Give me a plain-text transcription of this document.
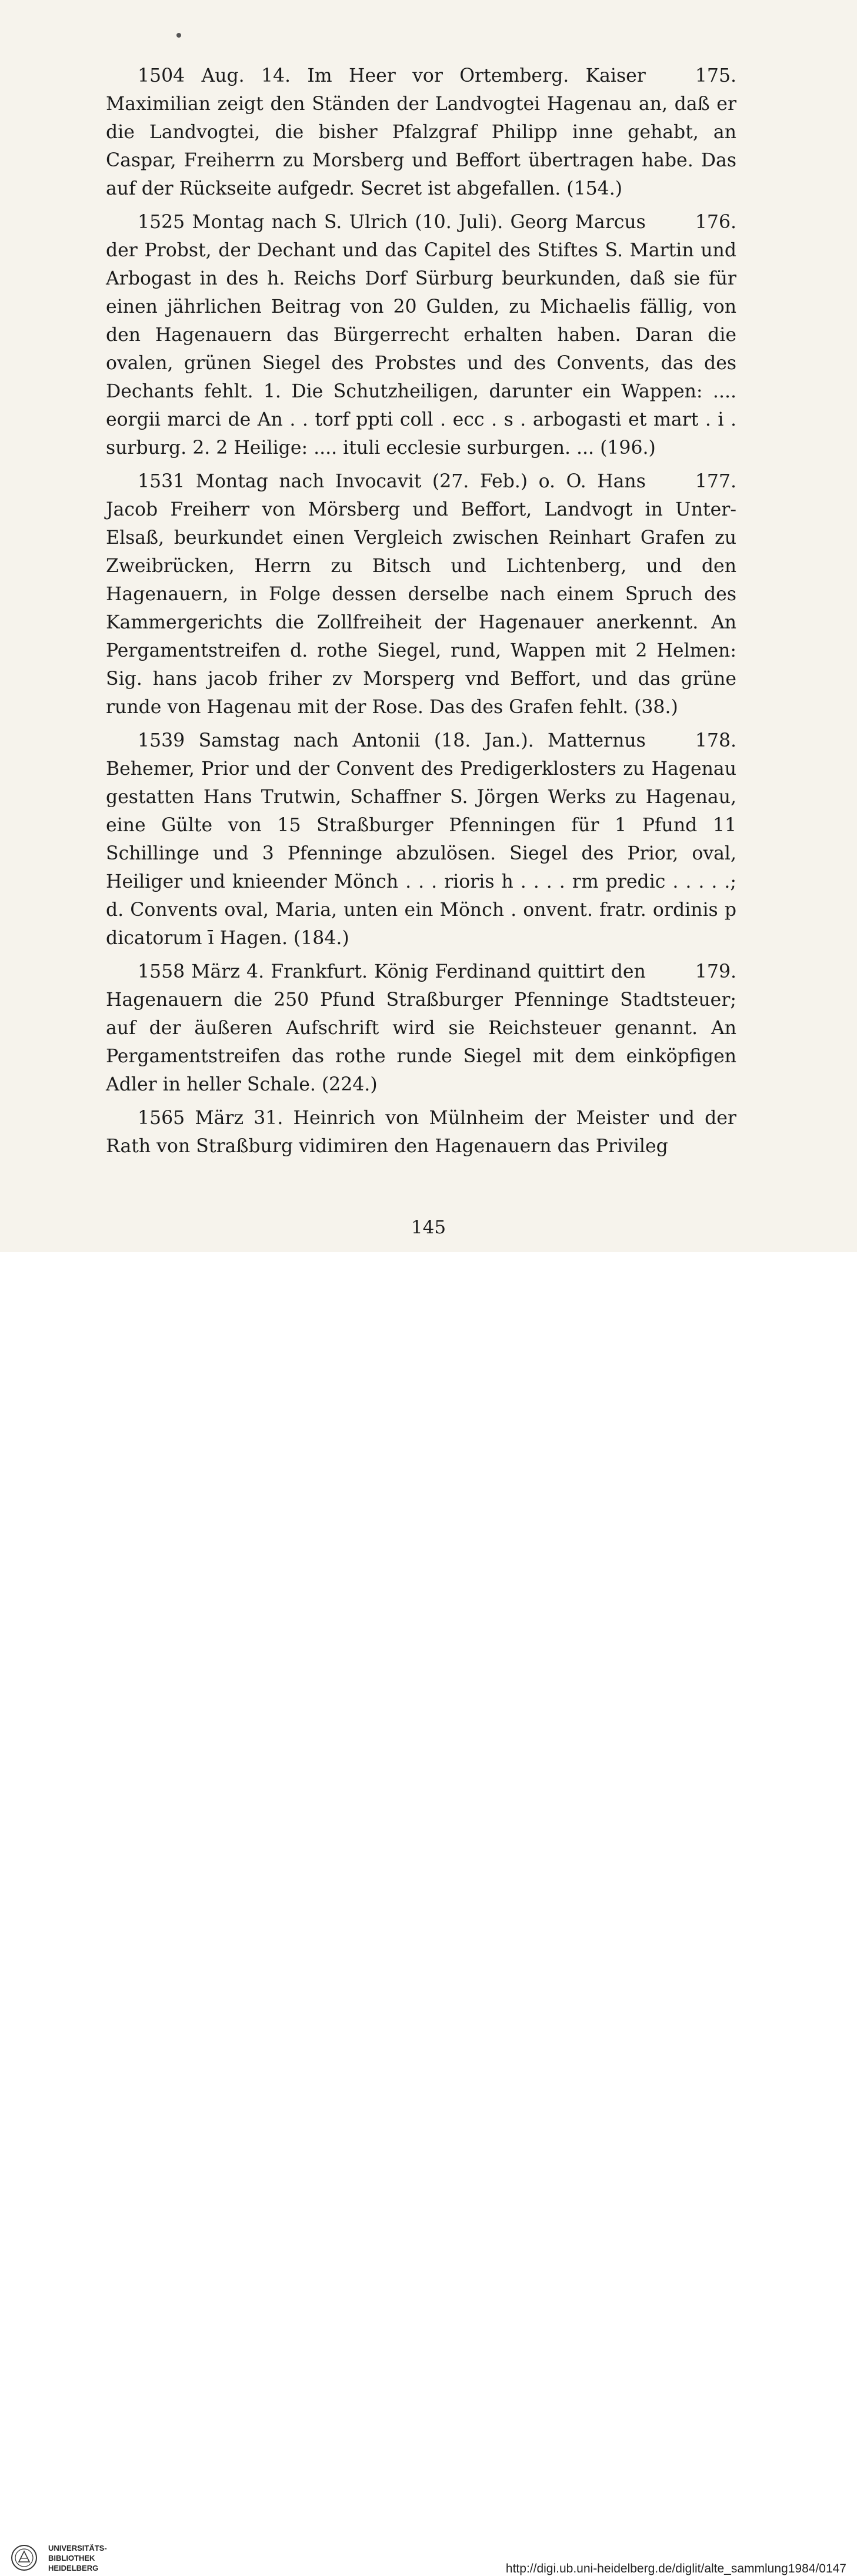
175.
1504 Aug. 14. Im Heer vor Ortemberg. Kaiser Maximilian zeigt den Ständen der Landvogtei Hagenau an, daß er die Landvogtei, die bisher Pfalzgraf Philipp inne gehabt, an Caspar, Freiherrn zu Morsberg und Beffort übertragen habe. Das auf der Rückseite aufgedr. Secret ist abgefallen. (154.)

176.
1525 Montag nach S. Ulrich (10. Juli). Georg Marcus der Probst, der Dechant und das Capitel des Stiftes S. Martin und Arbogast in des h. Reichs Dorf Sürburg beurkunden, daß sie für einen jährlichen Beitrag von 20 Gulden, zu Michaelis fällig, von den Hagenauern das Bürgerrecht erhalten haben. Daran die ovalen, grünen Siegel des Probstes und des Convents, das des Dechants fehlt. 1. Die Schutzheiligen, darunter ein Wappen: .... eorgii marci de An . . torf ppti coll . ecc . s . arbogasti et mart . i . surburg. 2. 2 Heilige: .... ituli ecclesie surburgen. ... (196.)

177.
1531 Montag nach Invocavit (27. Feb.) o. O. Hans Jacob Freiherr von Mörsberg und Beffort, Landvogt in Unter-Elsaß, beurkundet einen Vergleich zwischen Reinhart Grafen zu Zweibrücken, Herrn zu Bitsch und Lichtenberg, und den Hagenauern, in Folge dessen derselbe nach einem Spruch des Kammergerichts die Zollfreiheit der Hagenauer anerkennt. An Pergamentstreifen d. rothe Siegel, rund, Wappen mit 2 Helmen: Sig. hans jacob friher zv Morsperg vnd Beffort, und das grüne runde von Hagenau mit der Rose. Das des Grafen fehlt. (38.)

178.
1539 Samstag nach Antonii (18. Jan.). Matternus Behemer, Prior und der Convent des Predigerklosters zu Hagenau gestatten Hans Trutwin, Schaffner S. Jörgen Werks zu Hagenau, eine Gülte von 15 Straßburger Pfenningen für 1 Pfund 11 Schillinge und 3 Pfenninge abzulösen. Siegel des Prior, oval, Heiliger und knieender Mönch . . . rioris h . . . . rm predic . . . . .; d. Convents oval, Maria, unten ein Mönch . onvent. fratr. ordinis p dicatorum ī Hagen. (184.)

179.
1558 März 4. Frankfurt. König Ferdinand quittirt den Hagenauern die 250 Pfund Straßburger Pfenninge Stadtsteuer; auf der äußeren Aufschrift wird sie Reichsteuer genannt. An Pergamentstreifen das rothe runde Siegel mit dem einköpfigen Adler in heller Schale. (224.)

1565 März 31. Heinrich von Mülnheim der Meister und der Rath von Straßburg vidimiren den Hagenauern das Privileg

145
UNIVERSITÄTS-
BIBLIOTHEK
HEIDELBERG	http://digi.ub.uni-heidelberg.de/diglit/alte_sammlung1984/0147
